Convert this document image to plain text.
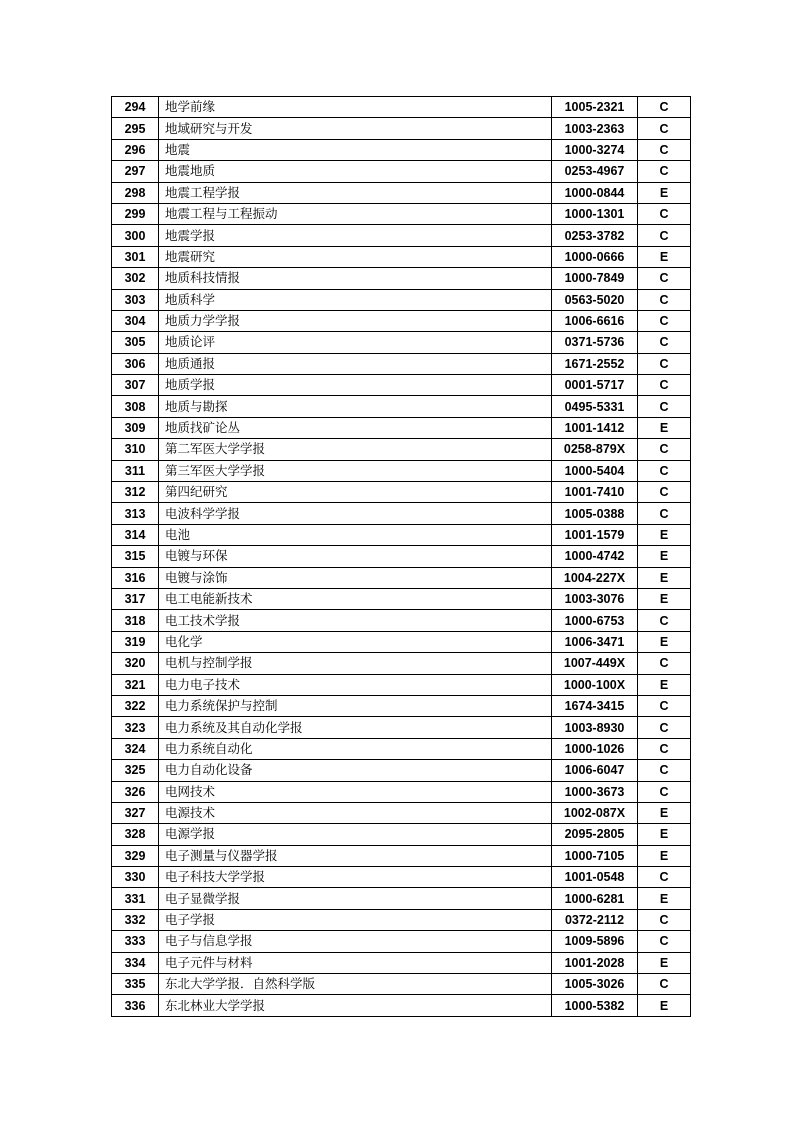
294	地学前缘	1005-2321	C
295	地域研究与开发	1003-2363	C
296	地震	1000-3274	C
297	地震地质	0253-4967	C
298	地震工程学报	1000-0844	E
299	地震工程与工程振动	1000-1301	C
300	地震学报	0253-3782	C
301	地震研究	1000-0666	E
302	地质科技情报	1000-7849	C
303	地质科学	0563-5020	C
304	地质力学学报	1006-6616	C
305	地质论评	0371-5736	C
306	地质通报	1671-2552	C
307	地质学报	0001-5717	C
308	地质与勘探	0495-5331	C
309	地质找矿论丛	1001-1412	E
310	第二军医大学学报	0258-879X	C
311	第三军医大学学报	1000-5404	C
312	第四纪研究	1001-7410	C
313	电波科学学报	1005-0388	C
314	电池	1001-1579	E
315	电镀与环保	1000-4742	E
316	电镀与涂饰	1004-227X	E
317	电工电能新技术	1003-3076	E
318	电工技术学报	1000-6753	C
319	电化学	1006-3471	E
320	电机与控制学报	1007-449X	C
321	电力电子技术	1000-100X	E
322	电力系统保护与控制	1674-3415	C
323	电力系统及其自动化学报	1003-8930	C
324	电力系统自动化	1000-1026	C
325	电力自动化设备	1006-6047	C
326	电网技术	1000-3673	C
327	电源技术	1002-087X	E
328	电源学报	2095-2805	E
329	电子测量与仪器学报	1000-7105	E
330	电子科技大学学报	1001-0548	C
331	电子显微学报	1000-6281	E
332	电子学报	0372-2112	C
333	电子与信息学报	1009-5896	C
334	电子元件与材料	1001-2028	E
335	东北大学学报．自然科学版	1005-3026	C
336	东北林业大学学报	1000-5382	E
